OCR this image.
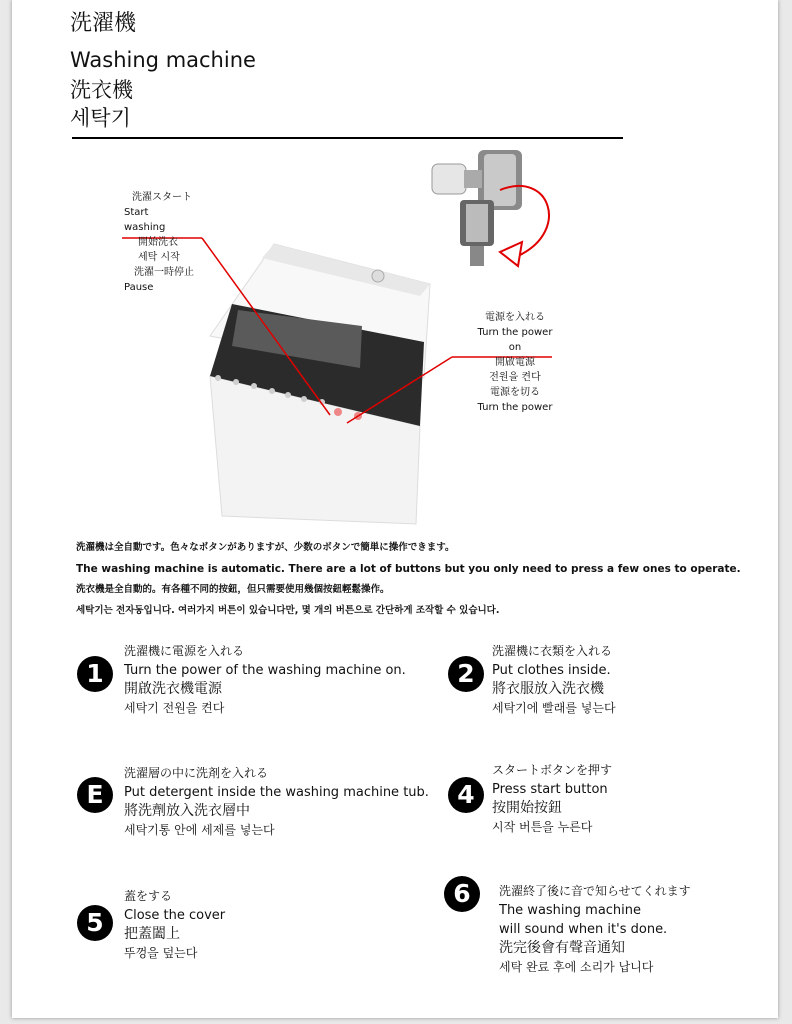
洗濯機
Washing machine
洗衣機
세탁기
洗濯スタート
Start
washing
開始洗衣
세탁 시작
洗濯一時停止
Pause
電源を入れる
Turn the power
on
開啟電源
전원을 켠다
電源を切る
Turn the power
洗濯機は全自動です。色々なボタンがありますが、少数のボタンで簡単に操作できます。
The washing machine is automatic. There are a lot of buttons but you only need to press a few ones to operate.
洗衣機是全自動的。有各種不同的按鈕，但只需要使用幾個按鈕輕鬆操作。
세탁기는 전자동입니다. 여러가지 버튼이 있습니다만, 몇 개의 버튼으로 간단하게 조작할 수 있습니다.
1
洗濯機に電源を入れる
Turn the power of the washing machine on.
開啟洗衣機電源
세탁기 전원을 켠다
2
洗濯機に衣類を入れる
Put clothes inside.
將衣服放入洗衣機
세탁기에 빨래를 넣는다
E
洗濯層の中に洗剤を入れる
Put detergent inside the washing machine tub.
將洗劑放入洗衣層中
세탁기통 안에 세제를 넣는다
4
スタートボタンを押す
Press start button
按開始按鈕
시작 버튼을 누른다
5
蓋をする
Close the cover
把蓋闔上
뚜껑을 덮는다
6	洗濯終了後に音で知らせてくれます
The washing machine
will sound when it's done.
洗完後會有聲音通知
세탁 완료 후에 소리가 납니다
